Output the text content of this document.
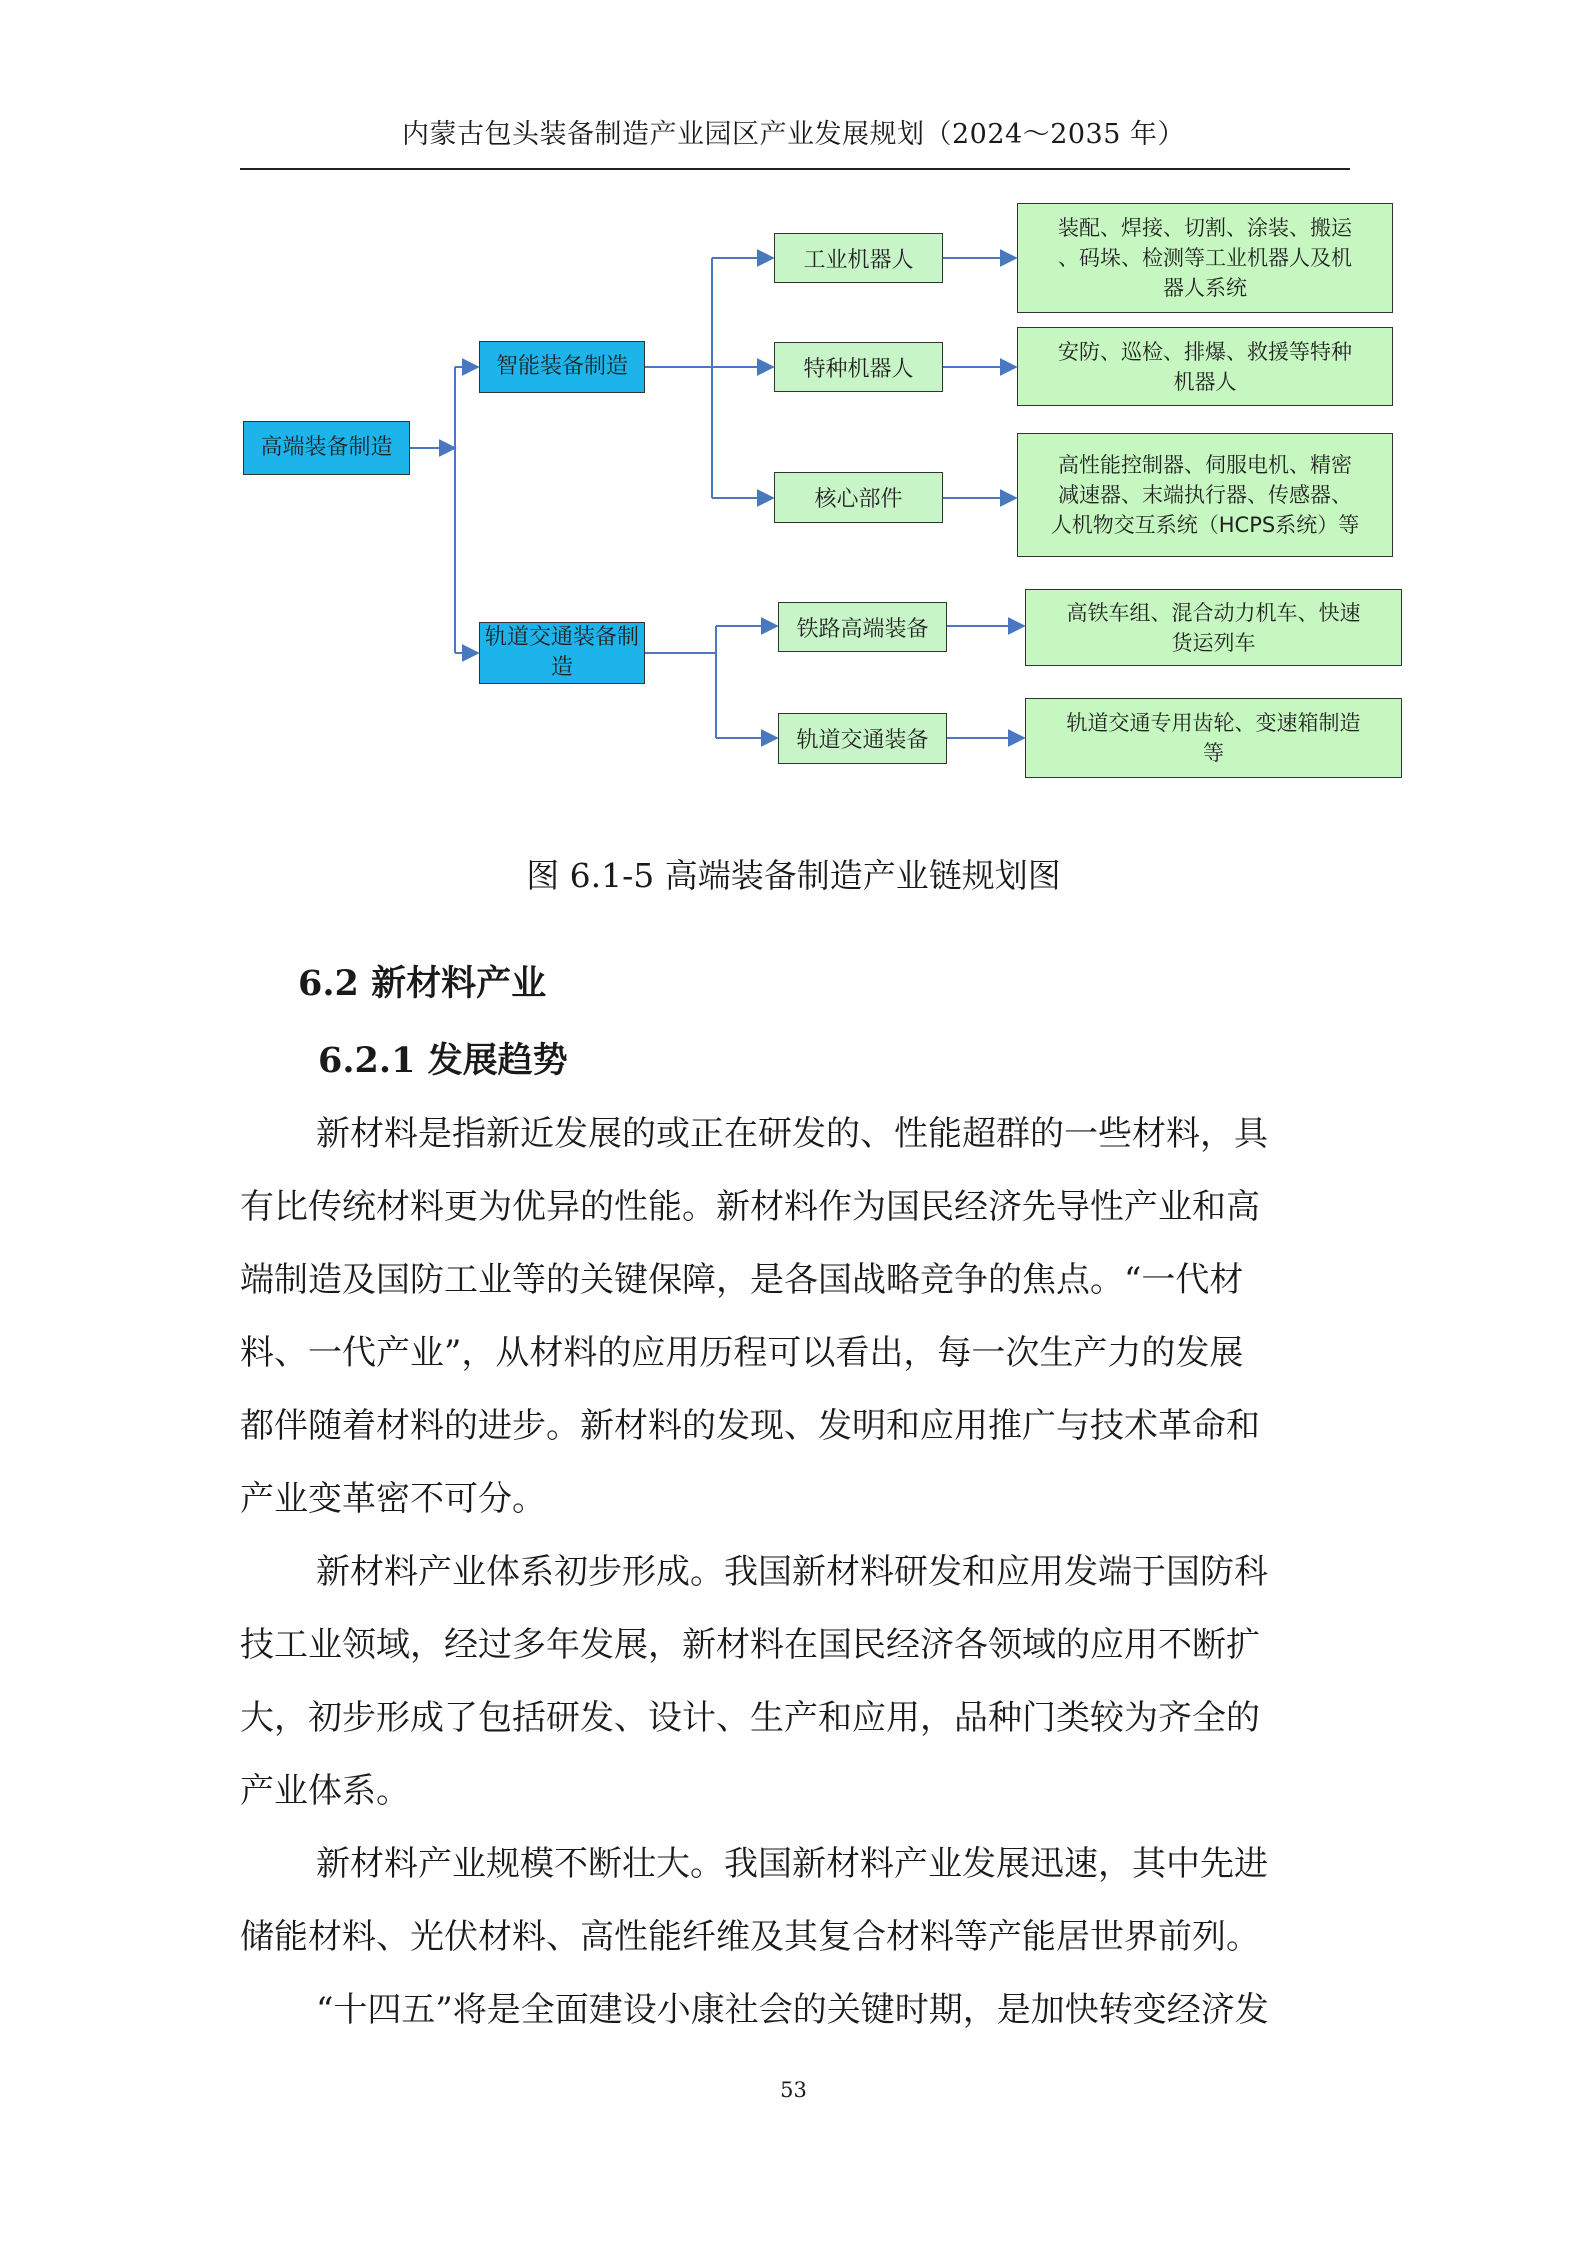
内蒙古包头装备制造产业园区产业发展规划（2024～2035 年）
高端装备制造
智能装备制造
轨道交通装备制造
工业机器人
特种机器人
核心部件
铁路高端装备
轨道交通装备
装配、焊接、切割、涂装、搬运
、码垛、检测等工业机器人及机
器人系统
安防、巡检、排爆、救援等特种
机器人
高性能控制器、伺服电机、精密
减速器、末端执行器、传感器、
人机物交互系统（HCPS系统）等
高铁车组、混合动力机车、快速
货运列车
轨道交通专用齿轮、变速箱制造
等
图 6.1-5 高端装备制造产业链规划图
6.2 新材料产业
6.2.1 发展趋势
新材料是指新近发展的或正在研发的、性能超群的一些材料，具
有比传统材料更为优异的性能。新材料作为国民经济先导性产业和高
端制造及国防工业等的关键保障，是各国战略竞争的焦点。“一代材
料、一代产业”，从材料的应用历程可以看出，每一次生产力的发展
都伴随着材料的进步。新材料的发现、发明和应用推广与技术革命和
产业变革密不可分。
新材料产业体系初步形成。我国新材料研发和应用发端于国防科
技工业领域，经过多年发展，新材料在国民经济各领域的应用不断扩
大，初步形成了包括研发、设计、生产和应用，品种门类较为齐全的
产业体系。
新材料产业规模不断壮大。我国新材料产业发展迅速，其中先进
储能材料、光伏材料、高性能纤维及其复合材料等产能居世界前列。
“十四五”将是全面建设小康社会的关键时期，是加快转变经济发
53
